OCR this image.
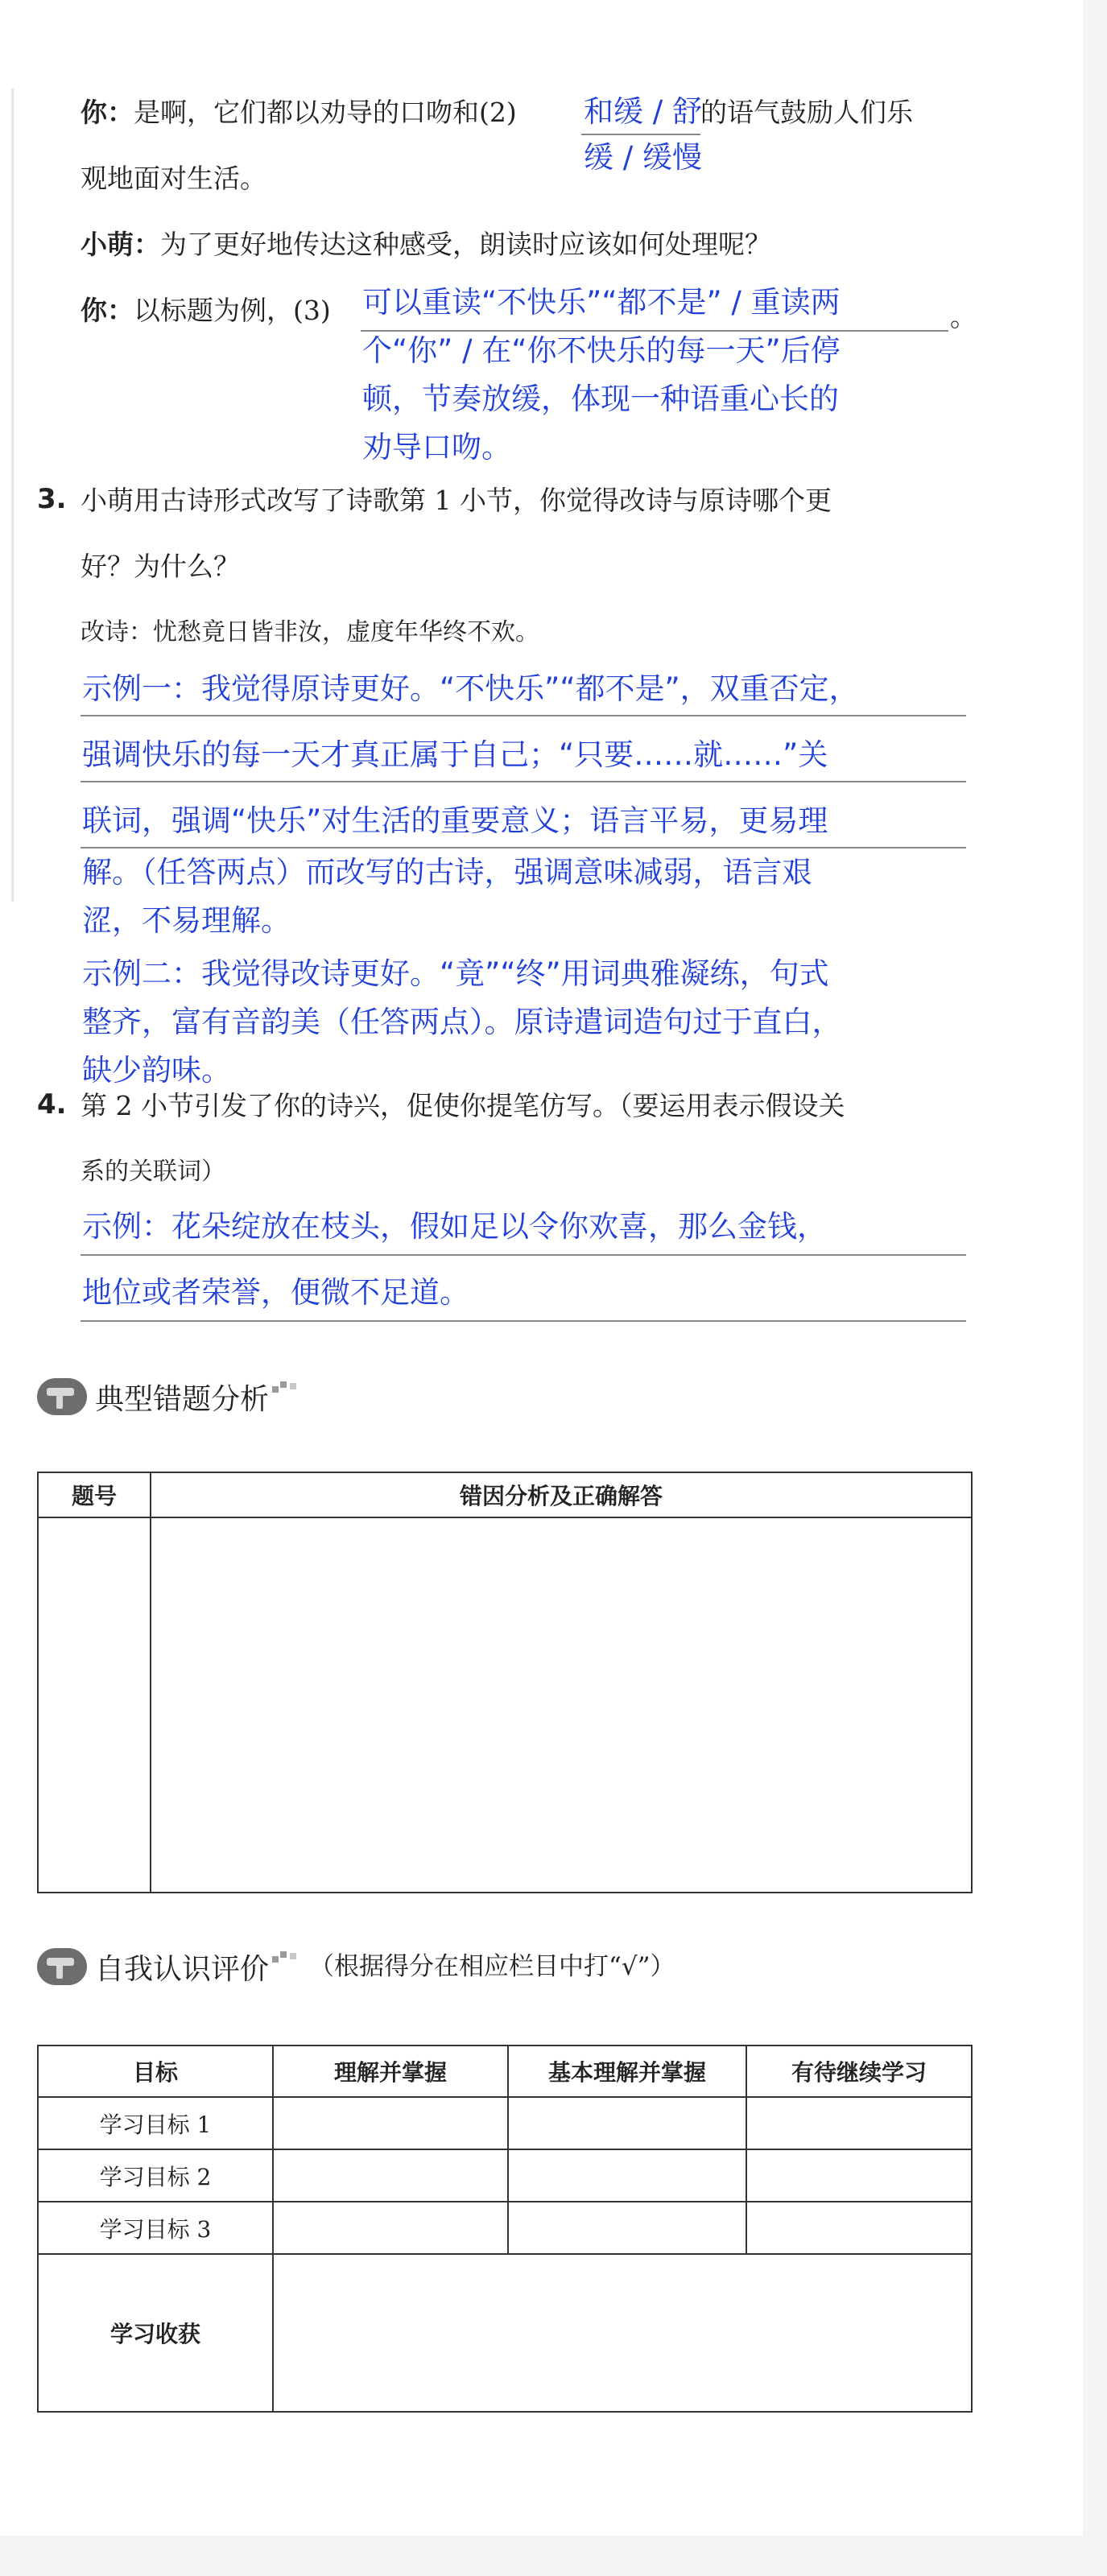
你：是啊，它们都以劝导的口吻和(2) 和缓 / 舒
的语气鼓励人们乐
观地面对生活。
缓 / 缓慢
小萌：为了更好地传达这种感受，朗读时应该如何处理呢？
你：以标题为例，(3) 可以重读“不快乐”“都不是” / 重读两	。
个“你” / 在“你不快乐的每一天”后停
顿，节奏放缓，体现一种语重心长的
劝导口吻。
3. 小萌用古诗形式改写了诗歌第 1 小节，你觉得改诗与原诗哪个更
好？为什么？
改诗：忧愁竟日皆非汝，虚度年华终不欢。
示例一：我觉得原诗更好。“不快乐”“都不是”，双重否定，
强调快乐的每一天才真正属于自己；“只要……就……”关
联词，强调“快乐”对生活的重要意义；语言平易，更易理
解。（任答两点）而改写的古诗，强调意味减弱，语言艰
涩，不易理解。
示例二：我觉得改诗更好。“竟”“终”用词典雅凝练，句式
整齐，富有音韵美（任答两点）。原诗遣词造句过于直白，
缺少韵味。
4. 第 2 小节引发了你的诗兴，促使你提笔仿写。（要运用表示假设关
系的关联词）
示例：花朵绽放在枝头，假如足以令你欢喜，那么金钱，
地位或者荣誉，便微不足道。
典型错题分析
题号	错因分析及正确解答

自我认识评价 （根据得分在相应栏目中打“√”）
目标	理解并掌握	基本理解并掌握	有待继续学习
学习目标 1			
学习目标 2			
学习目标 3			
学习收获			
